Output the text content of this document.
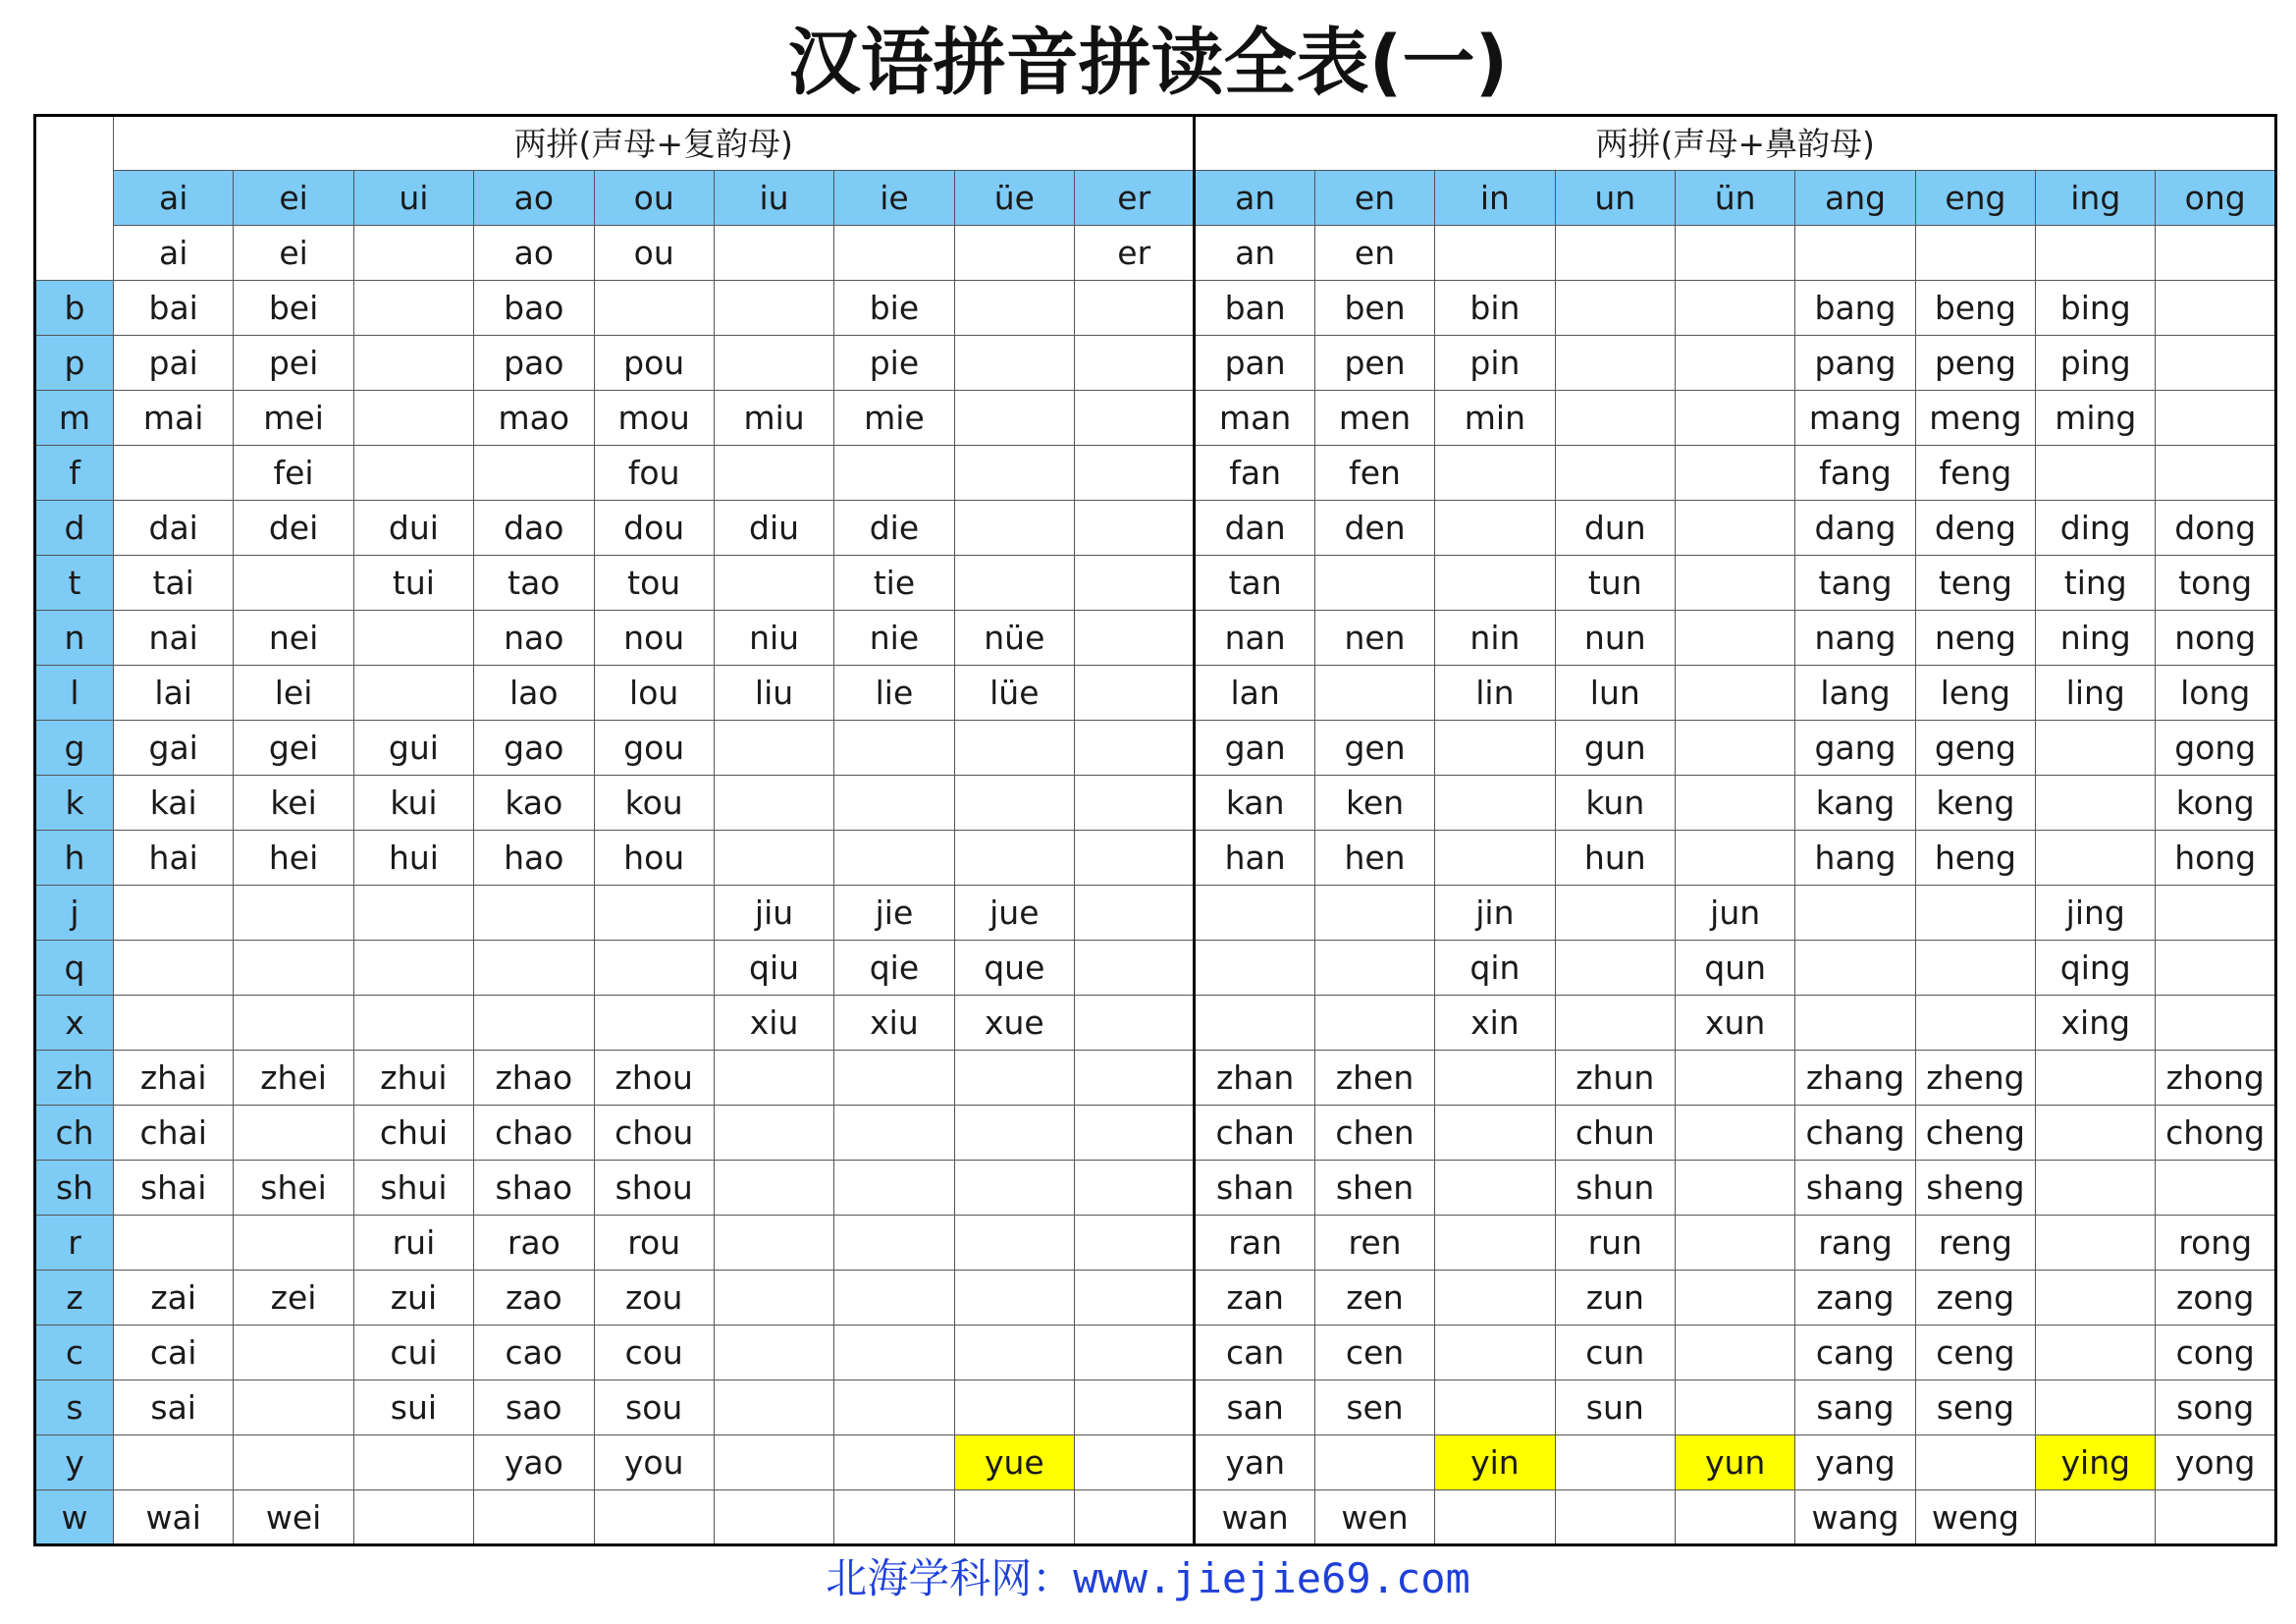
汉语拼音拼读全表(一)
	两拼(声母+复韵母)									两拼(声母+鼻韵母)								
	ai	ei	ui	ao	ou	iu	ie	üe	er	an	en	in	un	ün	ang	eng	ing	ong
	ai	ei		ao	ou				er	an	en							
b	bai	bei		bao			bie			ban	ben	bin			bang	beng	bing	
p	pai	pei		pao	pou		pie			pan	pen	pin			pang	peng	ping	
m	mai	mei		mao	mou	miu	mie			man	men	min			mang	meng	ming	
f		fei			fou					fan	fen				fang	feng		
d	dai	dei	dui	dao	dou	diu	die			dan	den		dun		dang	deng	ding	dong
t	tai		tui	tao	tou		tie			tan			tun		tang	teng	ting	tong
n	nai	nei		nao	nou	niu	nie	nüe		nan	nen	nin	nun		nang	neng	ning	nong
l	lai	lei		lao	lou	liu	lie	lüe		lan		lin	lun		lang	leng	ling	long
g	gai	gei	gui	gao	gou					gan	gen		gun		gang	geng		gong
k	kai	kei	kui	kao	kou					kan	ken		kun		kang	keng		kong
h	hai	hei	hui	hao	hou					han	hen		hun		hang	heng		hong
j						jiu	jie	jue				jin		jun			jing	
q						qiu	qie	que				qin		qun			qing	
x						xiu	xiu	xue				xin		xun			xing	
zh	zhai	zhei	zhui	zhao	zhou					zhan	zhen		zhun		zhang	zheng		zhong
ch	chai		chui	chao	chou					chan	chen		chun		chang	cheng		chong
sh	shai	shei	shui	shao	shou					shan	shen		shun		shang	sheng		
r			rui	rao	rou					ran	ren		run		rang	reng		rong
z	zai	zei	zui	zao	zou					zan	zen		zun		zang	zeng		zong
c	cai		cui	cao	cou					can	cen		cun		cang	ceng		cong
s	sai		sui	sao	sou					san	sen		sun		sang	seng		song
y				yao	you			yue		yan		yin		yun	yang		ying	yong
w	wai	wei								wan	wen				wang	weng		
北海学科网：www.jiejie69.com
